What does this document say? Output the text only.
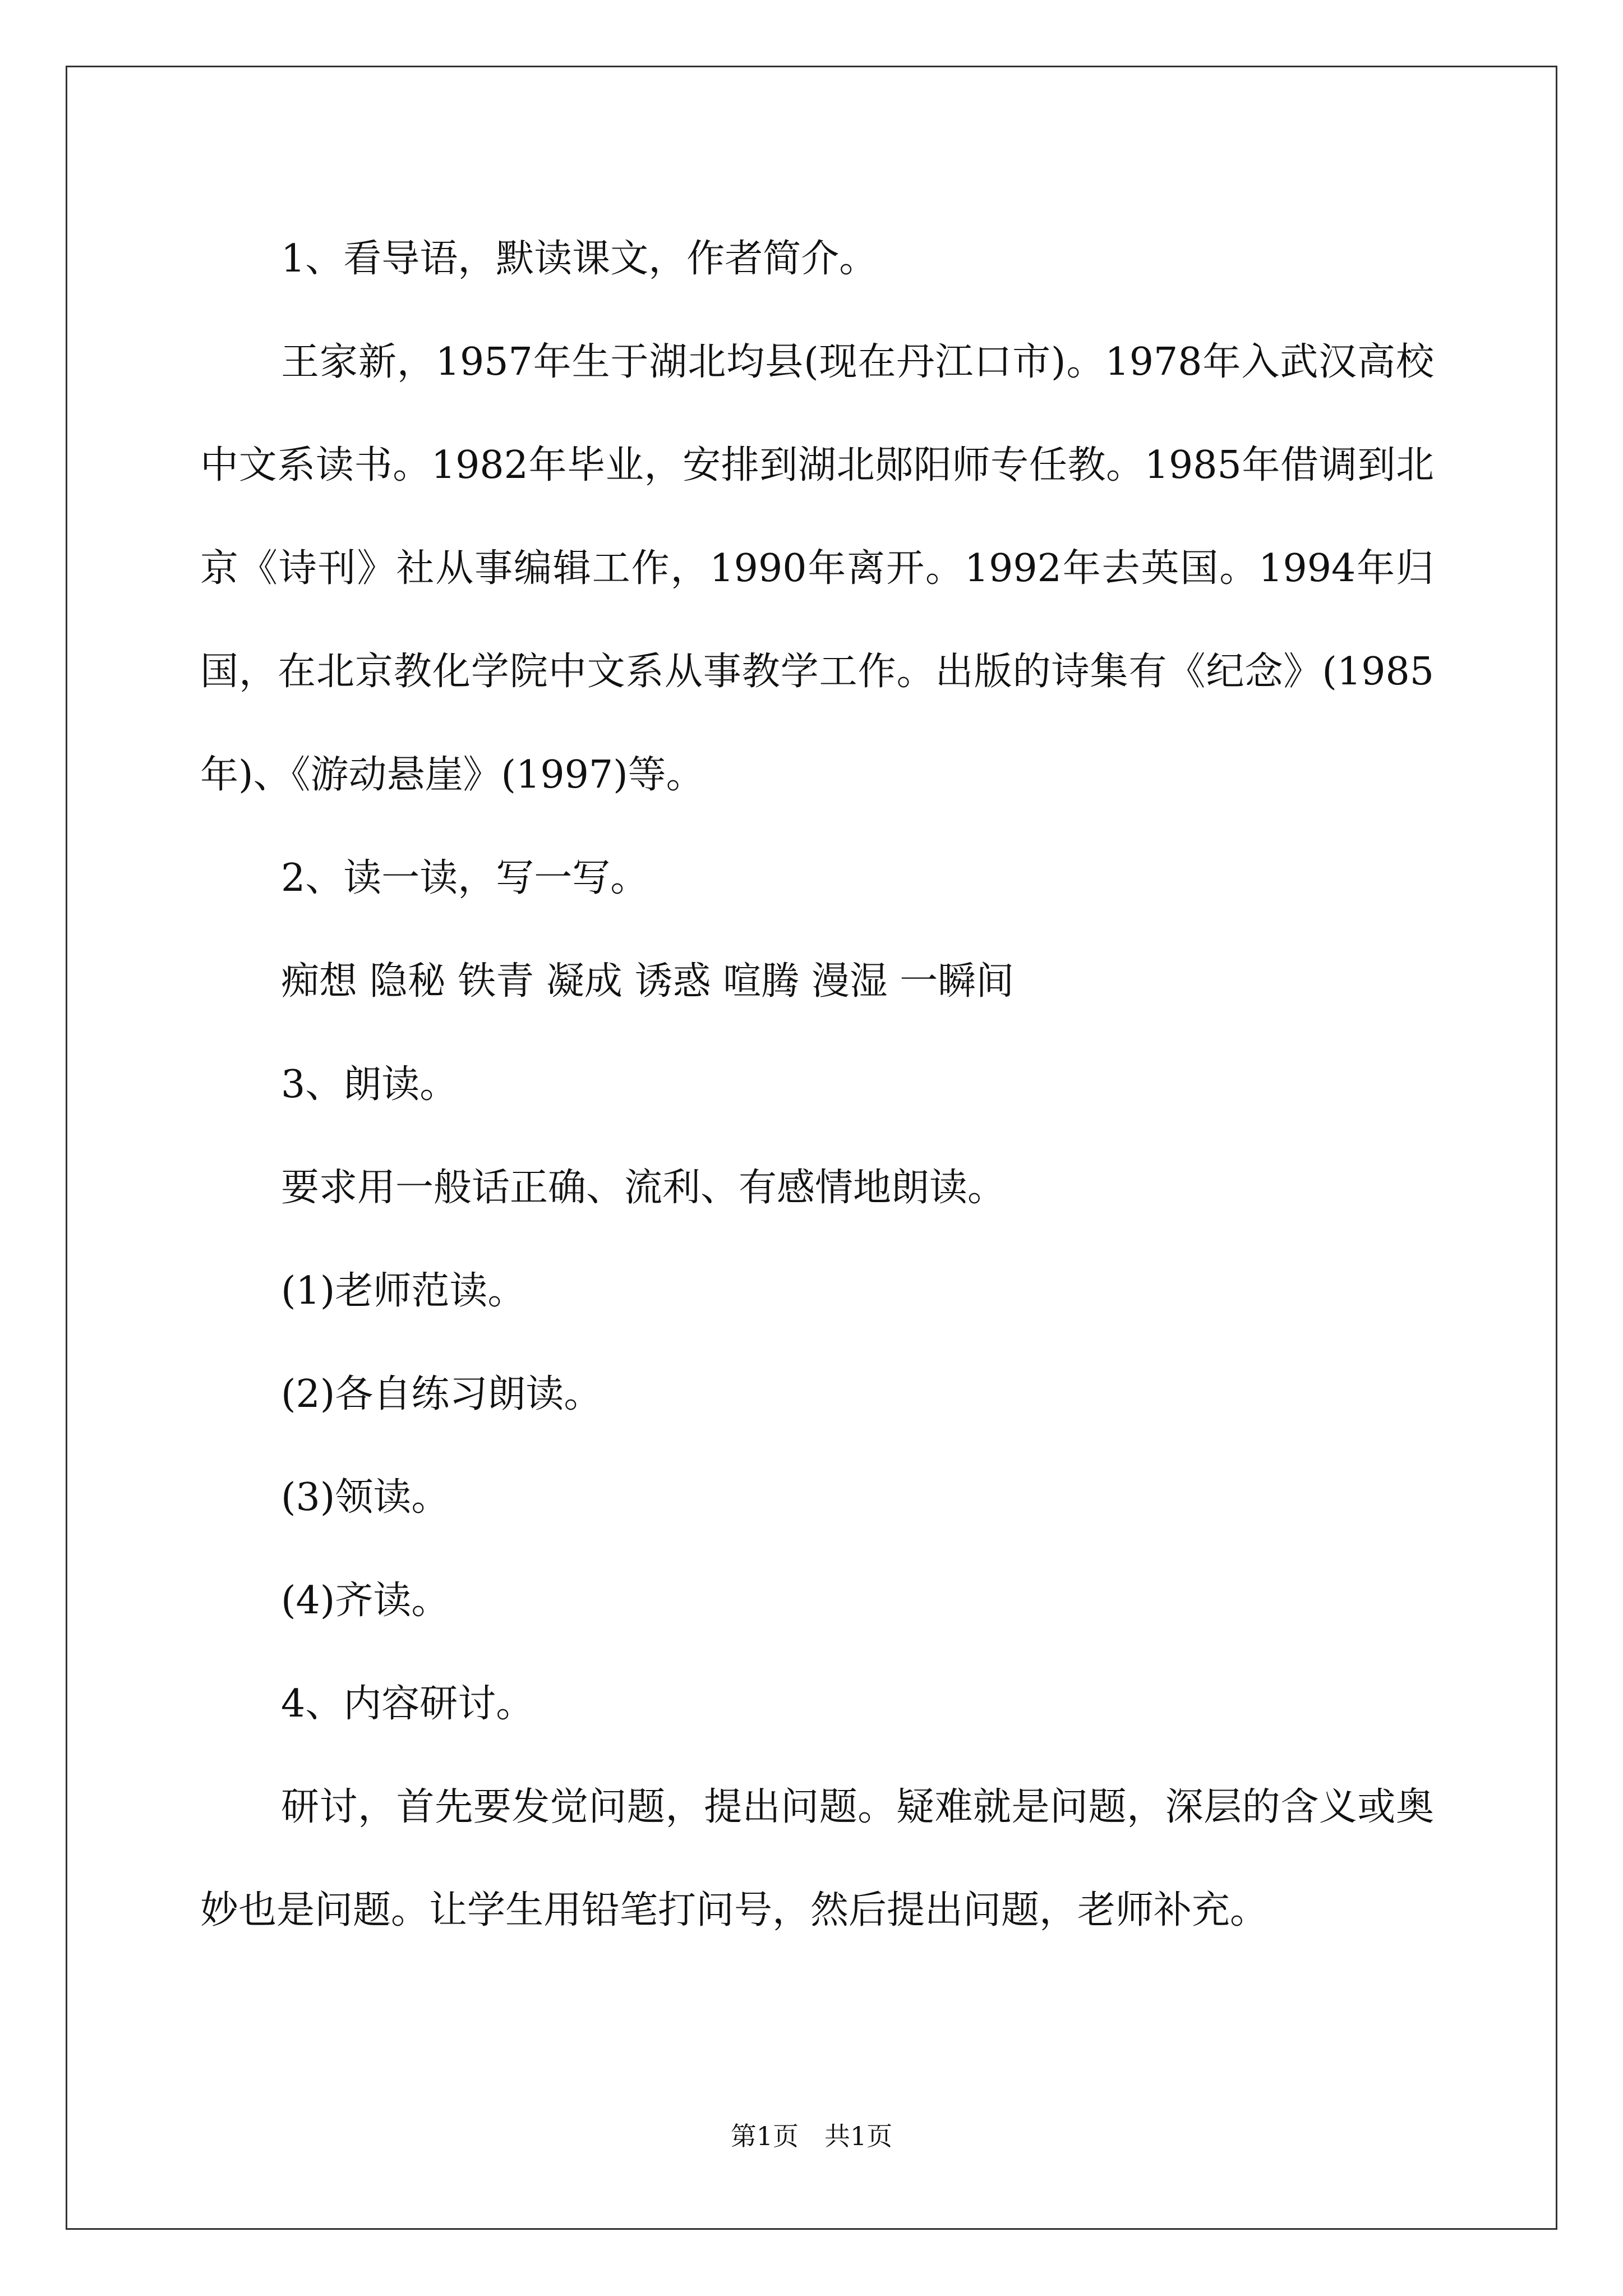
1、看导语，默读课文，作者简介。

王家新，1957年生于湖北均县(现在丹江口市)。1978年入武汉高校中文系读书。1982年毕业，安排到湖北郧阳师专任教。1985年借调到北京《诗刊》社从事编辑工作，1990年离开。1992年去英国。1994年归国，在北京教化学院中文系从事教学工作。出版的诗集有《纪念》(1985年)、《游动悬崖》(1997)等。

2、读一读，写一写。

痴想 隐秘 铁青 凝成 诱惑 喧腾 漫湿 一瞬间

3、朗读。

要求用一般话正确、流利、有感情地朗读。

(1)老师范读。

(2)各自练习朗读。

(3)领读。

(4)齐读。

4、内容研讨。

研讨，首先要发觉问题，提出问题。疑难就是问题，深层的含义或奥妙也是问题。让学生用铅笔打问号，然后提出问题，老师补充。

第1页　共1页
